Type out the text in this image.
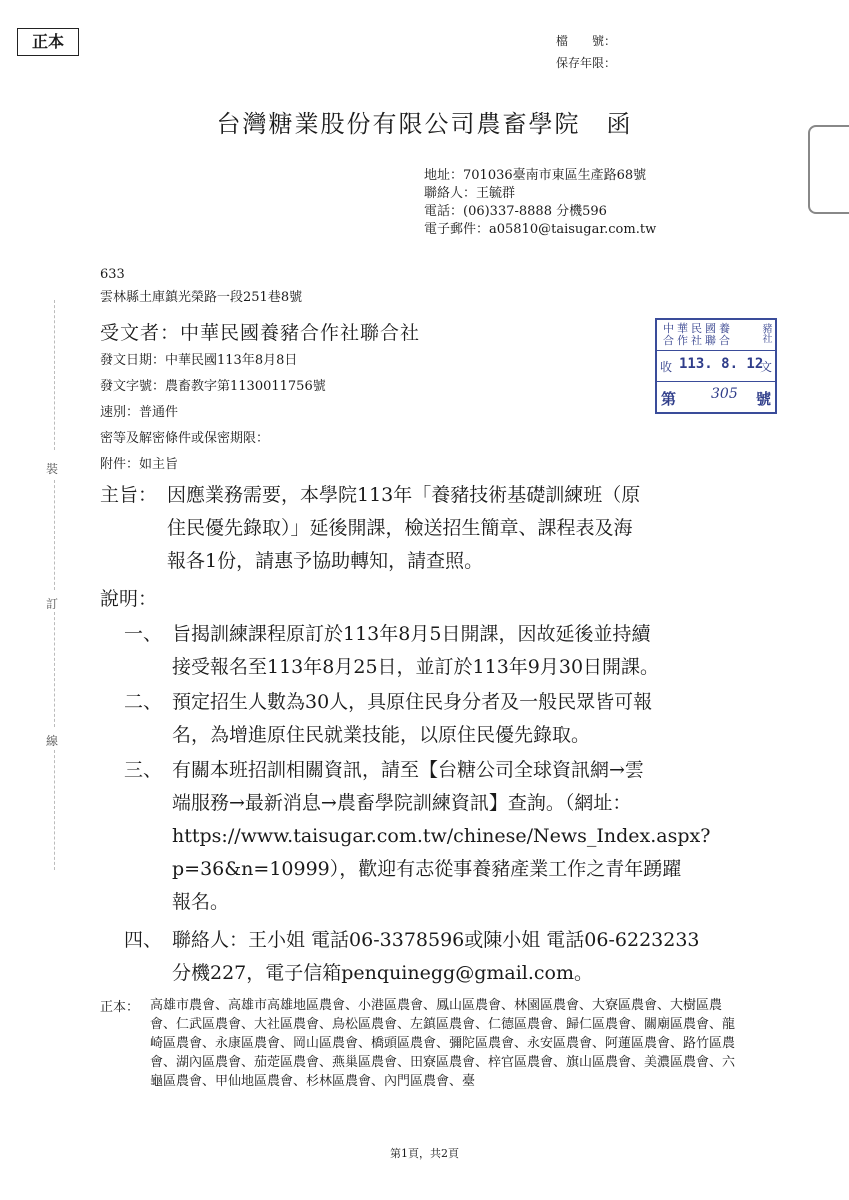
正本	檔　　號：
保存年限：
台灣糖業股份有限公司農畜學院　函
地址：701036臺南市東區生產路68號
聯絡人：王毓群
電話：(06)337-8888 分機596
電子郵件：a05810@taisugar.com.tw
633
雲林縣土庫鎮光榮路一段251巷8號
受文者：中華民國養豬合作社聯合社
發文日期：中華民國113年8月8日
發文字號：農畜教字第1130011756號
速別：普通件
密等及解密條件或保密期限：
附件：如主旨
中華民國養
合作社聯合	豬社
收 113. 8. 12
文
第 305 號
裝
訂
線
主旨： 因應業務需要，本學院113年「養豬技術基礎訓練班（原
住民優先錄取）」延後開課，檢送招生簡章、課程表及海
報各1份，請惠予協助轉知，請查照。
說明：
一、 旨揭訓練課程原訂於113年8月5日開課，因故延後並持續
接受報名至113年8月25日，並訂於113年9月30日開課。
二、 預定招生人數為30人，具原住民身分者及一般民眾皆可報
名，為增進原住民就業技能，以原住民優先錄取。
三、 有關本班招訓相關資訊，請至【台糖公司全球資訊網→雲
端服務→最新消息→農畜學院訓練資訊】查詢。（網址：
https://www.taisugar.com.tw/chinese/News_Index.aspx?
p=36&n=10999），歡迎有志從事養豬產業工作之青年踴躍
報名。
四、 聯絡人：王小姐 電話06-3378596或陳小姐 電話06-6223233
分機227，電子信箱penquinegg@gmail.com。
正本： 高雄市農會、高雄市高雄地區農會、小港區農會、鳳山區農會、林園區農會、大寮區農會、大樹區農會、仁武區農會、大社區農會、鳥松區農會、左鎮區農會、仁德區農會、歸仁區農會、關廟區農會、龍崎區農會、永康區農會、岡山區農會、橋頭區農會、彌陀區農會、永安區農會、阿蓮區農會、路竹區農會、湖內區農會、茄萣區農會、燕巢區農會、田寮區農會、梓官區農會、旗山區農會、美濃區農會、六龜區農會、甲仙地區農會、杉林區農會、內門區農會、臺
第1頁，共2頁
